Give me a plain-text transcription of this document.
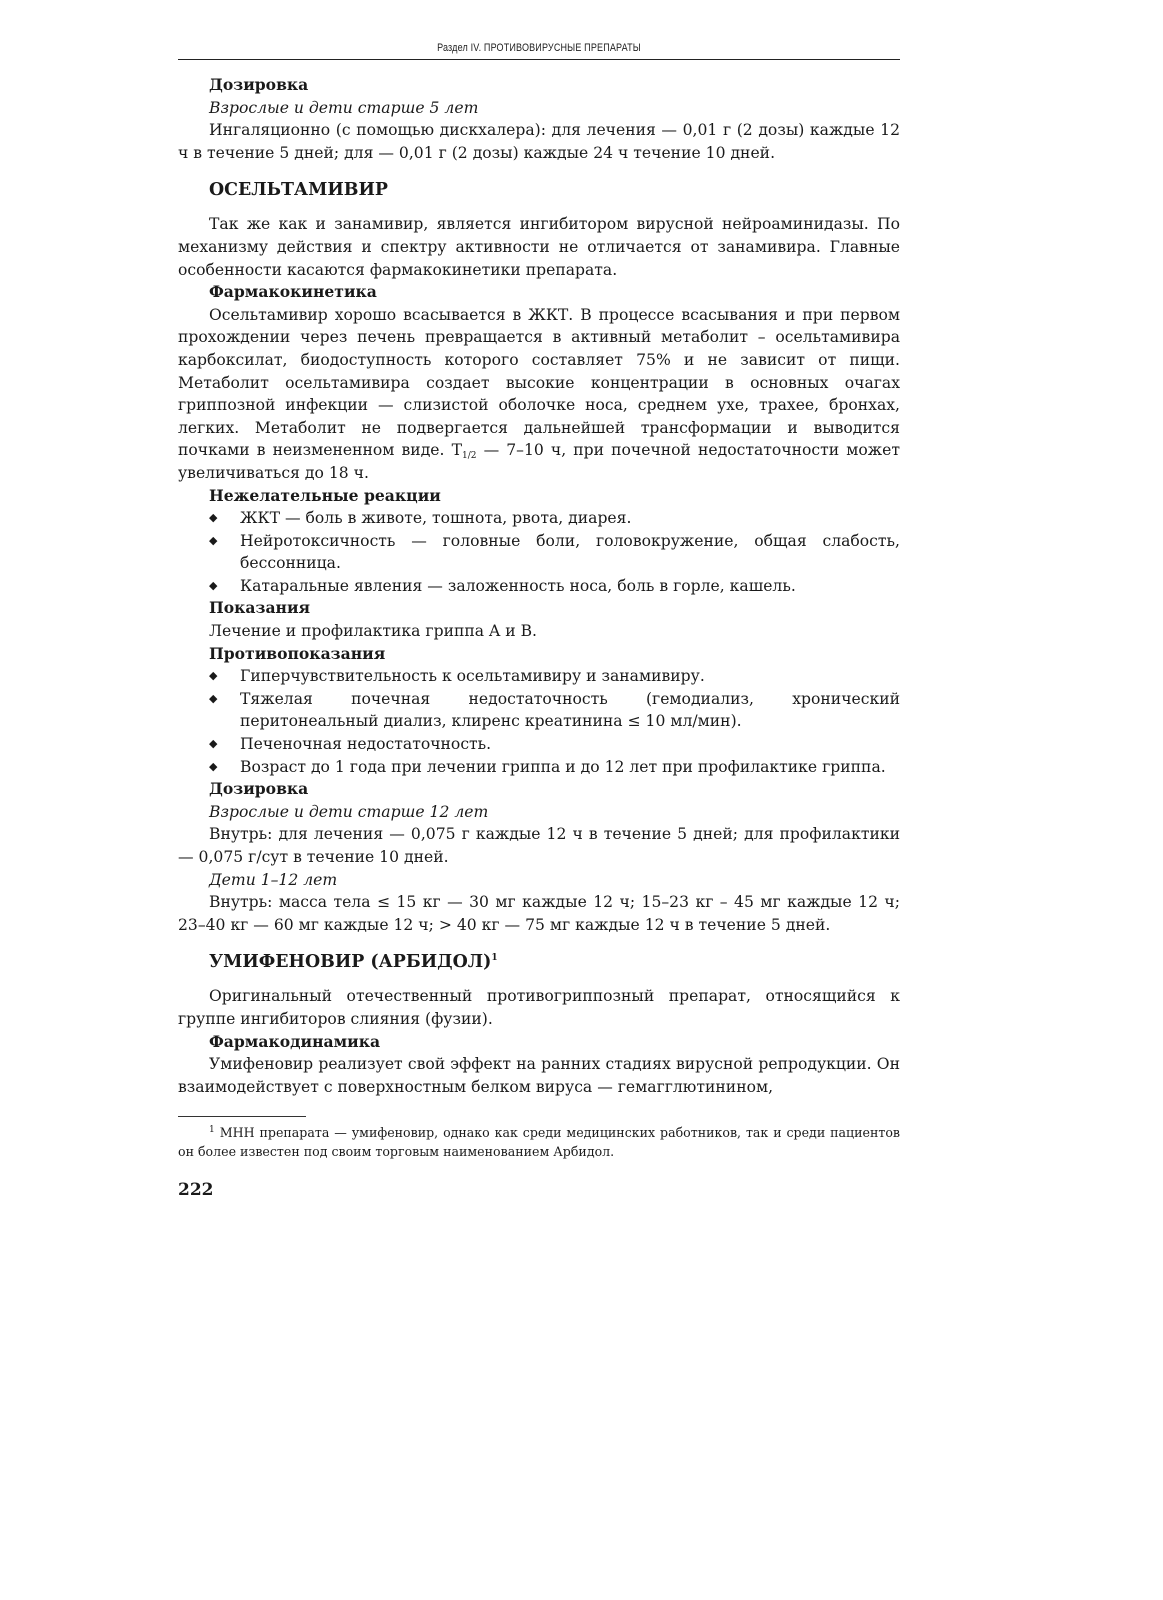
Раздел IV. ПРОТИВОВИРУСНЫЕ ПРЕПАРАТЫ

Дозировка

Взрослые и дети старше 5 лет

Ингаляционно (с помощью дискхалера): для лечения — 0,01 г (2 дозы) каждые 12 ч в течение 5 дней; для — 0,01 г (2 дозы) каждые 24 ч течение 10 дней.

ОСЕЛЬТАМИВИР

Так же как и занамивир, является ингибитором вирусной нейроаминидазы. По механизму действия и спектру активности не отличается от занамивира. Главные особенности касаются фармакокинетики препарата.

Фармакокинетика

Осельтамивир хорошо всасывается в ЖКТ. В процессе всасывания и при первом прохождении через печень превращается в активный метаболит – осельтамивира карбоксилат, биодоступность которого составляет 75% и не зависит от пищи. Метаболит осельтамивира создает высокие концентрации в основных очагах гриппозной инфекции — слизистой оболочке носа, среднем ухе, трахее, бронхах, легких. Метаболит не подвергается дальнейшей трансформации и выводится почками в неизмененном виде. $T_{1/2}$ — 7–10 ч, при почечной недостаточности может увеличиваться до 18 ч.

Нежелательные реакции

◆ ЖКТ — боль в животе, тошнота, рвота, диарея.
◆ Нейротоксичность — головные боли, головокружение, общая слабость, бессонница.
◆ Катаральные явления — заложенность носа, боль в горле, кашель.

Показания

Лечение и профилактика гриппа A и B.

Противопоказания

◆ Гиперчувствительность к осельтамивиру и занамивиру.
◆ Тяжелая почечная недостаточность (гемодиализ, хронический перитонеальный диализ, клиренс креатинина ≤ 10 мл/мин).
◆ Печеночная недостаточность.
◆ Возраст до 1 года при лечении гриппа и до 12 лет при профилактике гриппа.

Дозировка

Взрослые и дети старше 12 лет

Внутрь: для лечения — 0,075 г каждые 12 ч в течение 5 дней; для профилактики — 0,075 г/сут в течение 10 дней.

Дети 1–12 лет

Внутрь: масса тела ≤ 15 кг — 30 мг каждые 12 ч; 15–23 кг – 45 мг каждые 12 ч; 23–40 кг — 60 мг каждые 12 ч; > 40 кг — 75 мг каждые 12 ч в течение 5 дней.

УМИФЕНОВИР (АРБИДОЛ)$^1$

Оригинальный отечественный противогриппозный препарат, относящийся к группе ингибиторов слияния (фузии).

Фармакодинамика

Умифеновир реализует свой эффект на ранних стадиях вирусной репродукции. Он взаимодействует с поверхностным белком вируса — гемагглютинином,

$^1$ МНН препарата — умифеновир, однако как среди медицинских работников, так и среди пациентов он более известен под своим торговым наименованием Арбидол.

222
